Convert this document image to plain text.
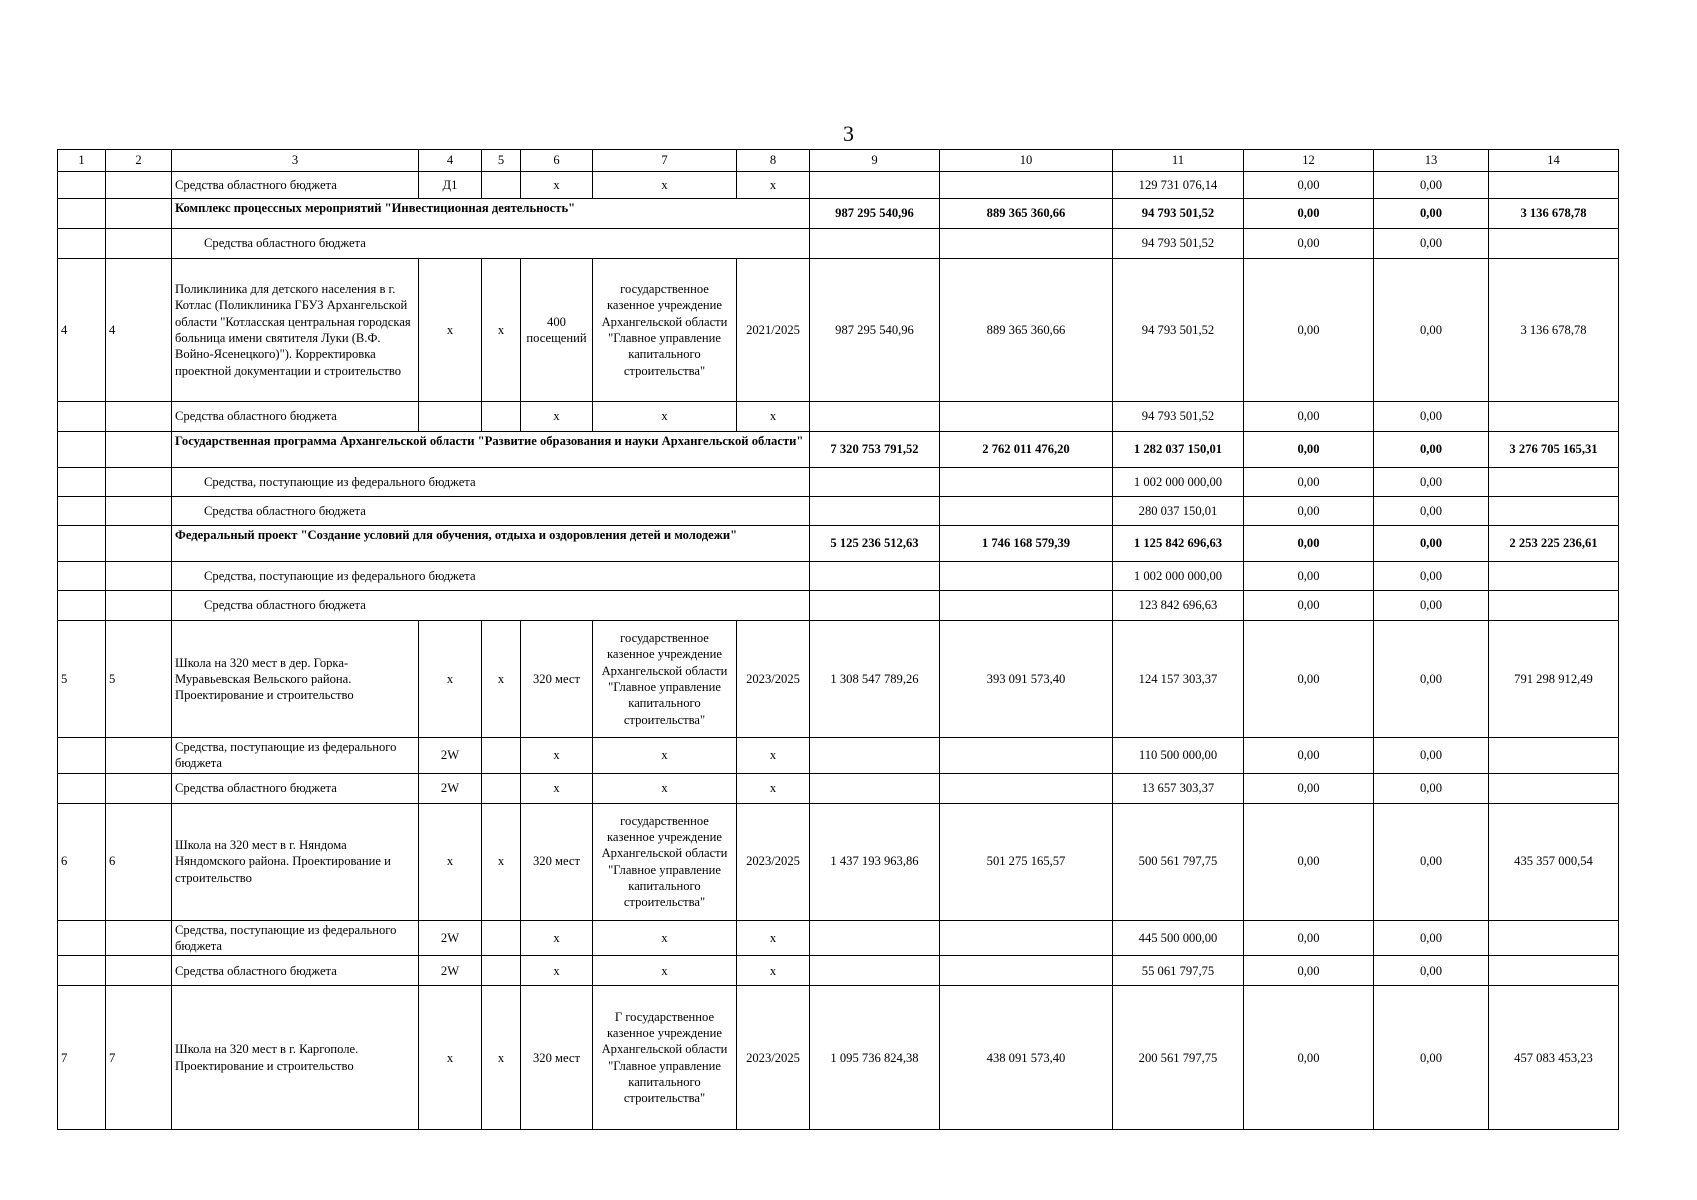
3
1	2	3	4	5	6	7	8	9	10	11	12	13	14
		Средства областного бюджета	Д1		х	х	х			129 731 076,14	0,00	0,00	
		Комплекс процессных мероприятий "Инвестиционная деятельность"						987 295 540,96	889 365 360,66	94 793 501,52	0,00	0,00	3 136 678,78
		Средства областного бюджета								94 793 501,52	0,00	0,00	
4	4	Поликлиника для детского населения в г. Котлас (Поликлиника ГБУЗ Архангельской области "Котласская центральная городская больница имени святителя Луки (В.Ф. Войно-Ясенецкого)"). Корректировка проектной документации и строительство	х	х	400 посещений	государственное казенное учреждение Архангельской области "Главное управление капитального строительства"	2021/2025	987 295 540,96	889 365 360,66	94 793 501,52	0,00	0,00	3 136 678,78
		Средства областного бюджета			х	х	х			94 793 501,52	0,00	0,00	
		Государственная программа Архангельской области "Развитие образования и науки Архангельской области"						7 320 753 791,52	2 762 011 476,20	1 282 037 150,01	0,00	0,00	3 276 705 165,31
		Средства, поступающие из федерального бюджета								1 002 000 000,00	0,00	0,00	
		Средства областного бюджета								280 037 150,01	0,00	0,00	
		Федеральный проект "Создание условий для обучения, отдыха и оздоровления детей и молодежи"						5 125 236 512,63	1 746 168 579,39	1 125 842 696,63	0,00	0,00	2 253 225 236,61
		Средства, поступающие из федерального бюджета								1 002 000 000,00	0,00	0,00	
		Средства областного бюджета								123 842 696,63	0,00	0,00	
5	5	Школа на 320 мест в дер. Горка-Муравьевская Вельского района. Проектирование и строительство	х	х	320 мест	государственное казенное учреждение Архангельской области "Главное управление капитального строительства"	2023/2025	1 308 547 789,26	393 091 573,40	124 157 303,37	0,00	0,00	791 298 912,49
		Средства, поступающие из федерального бюджета	2W		х	х	х			110 500 000,00	0,00	0,00	
		Средства областного бюджета	2W		х	х	х			13 657 303,37	0,00	0,00	
6	6	Школа на 320 мест в г. Няндома Няндомского района. Проектирование и строительство	х	х	320 мест	государственное казенное учреждение Архангельской области "Главное управление капитального строительства"	2023/2025	1 437 193 963,86	501 275 165,57	500 561 797,75	0,00	0,00	435 357 000,54
		Средства, поступающие из федерального бюджета	2W		х	х	х			445 500 000,00	0,00	0,00	
		Средства областного бюджета	2W		х	х	х			55 061 797,75	0,00	0,00	
7	7	Школа на 320 мест в г. Каргополе. Проектирование и строительство	х	х	320 мест	Г государственное казенное учреждение Архангельской области "Главное управление капитального строительства"	2023/2025	1 095 736 824,38	438 091 573,40	200 561 797,75	0,00	0,00	457 083 453,23
